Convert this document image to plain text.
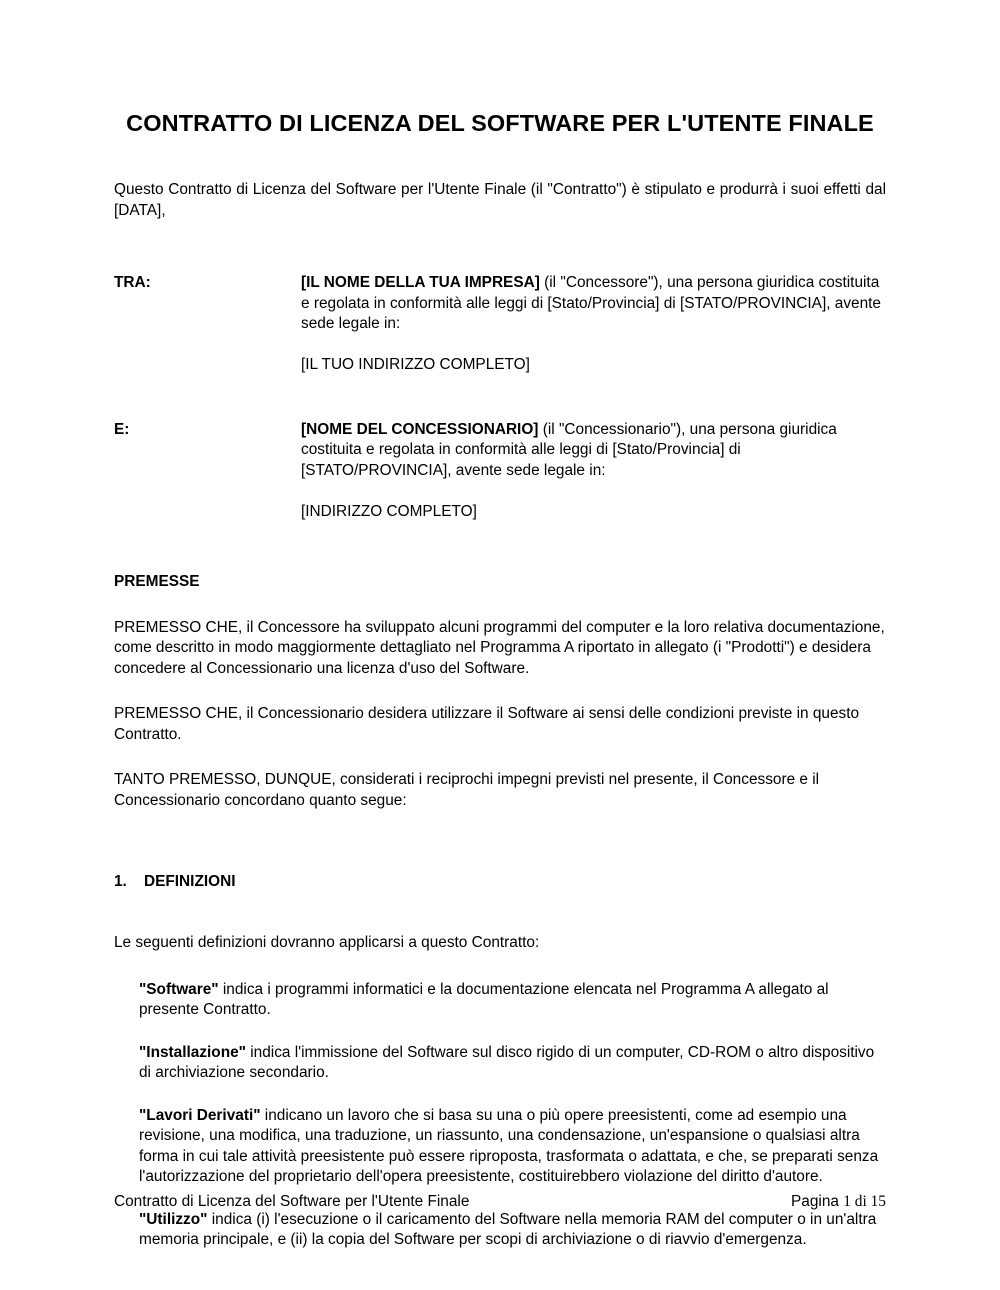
CONTRATTO DI LICENZA DEL SOFTWARE PER L'UTENTE FINALE

Questo Contratto di Licenza del Software per l'Utente Finale (il "Contratto") è stipulato e produrrà i suoi effetti dal [DATA],

TRA:	[IL NOME DELLA TUA IMPRESA] (il "Concessore"), una persona giuridica costituita e regolata in conformità alle leggi di [Stato/Provincia] di [STATO/PROVINCIA], avente sede legale in:
[IL TUO INDIRIZZO COMPLETO]
E:	[NOME DEL CONCESSIONARIO] (il "Concessionario"), una persona giuridica costituita e regolata in conformità alle leggi di [Stato/Provincia] di [STATO/PROVINCIA], avente sede legale in:
[INDIRIZZO COMPLETO]
PREMESSE

PREMESSO CHE, il Concessore ha sviluppato alcuni programmi del computer e la loro relativa documentazione, come descritto in modo maggiormente dettagliato nel Programma A riportato in allegato (i "Prodotti") e desidera concedere al Concessionario una licenza d'uso del Software.

PREMESSO CHE, il Concessionario desidera utilizzare il Software ai sensi delle condizioni previste in questo Contratto.

TANTO PREMESSO, DUNQUE, considerati i reciprochi impegni previsti nel presente, il Concessore e il Concessionario concordano quanto segue:

1.	DEFINIZIONI

Le seguenti definizioni dovranno applicarsi a questo Contratto:

"Software" indica i programmi informatici e la documentazione elencata nel Programma A allegato al presente Contratto.

"Installazione" indica l'immissione del Software sul disco rigido di un computer, CD-ROM o altro dispositivo di archiviazione secondario.

"Lavori Derivati" indicano un lavoro che si basa su una o più opere preesistenti, come ad esempio una revisione, una modifica, una traduzione, un riassunto, una condensazione, un'espansione o qualsiasi altra forma in cui tale attività preesistente può essere riproposta, trasformata o adattata, e che, se preparati senza l'autorizzazione del proprietario dell'opera preesistente, costituirebbero violazione del diritto d'autore.

"Utilizzo" indica (i) l'esecuzione o il caricamento del Software nella memoria RAM del computer o in un'altra memoria principale, e (ii) la copia del Software per scopi di archiviazione o di riavvio d'emergenza.

Contratto di Licenza del Software per l'Utente Finale	Pagina 1 di 15
